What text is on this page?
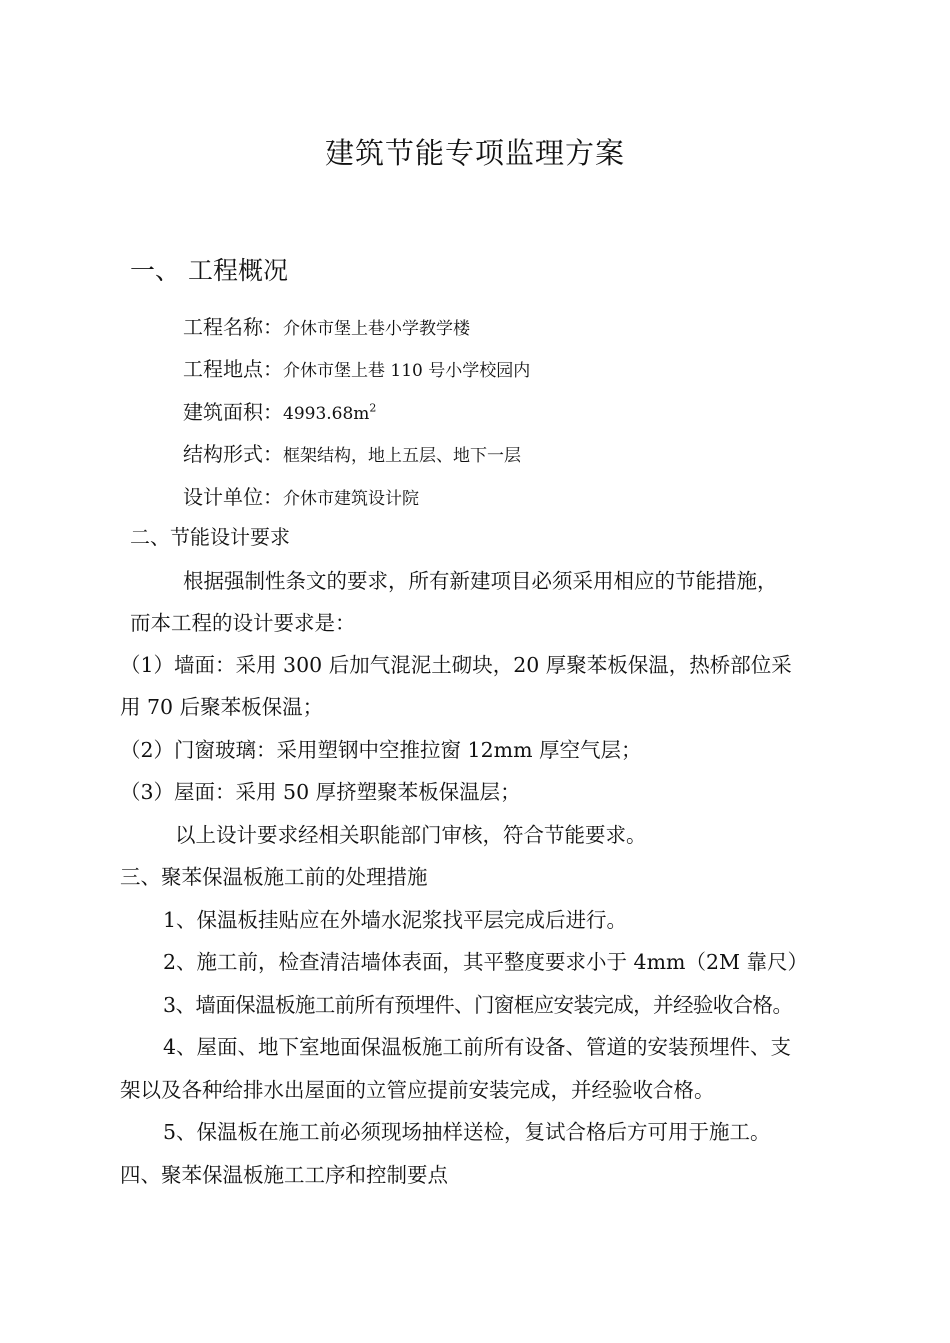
建筑节能专项监理方案
一、 工程概况
工程名称：介休市堡上巷小学教学楼
工程地点：介休市堡上巷 110 号小学校园内
建筑面积：$4993.68m^2$
结构形式：框架结构，地上五层、地下一层
设计单位：介休市建筑设计院
二、节能设计要求
根据强制性条文的要求，所有新建项目必须采用相应的节能措施，
而本工程的设计要求是：
（1）墙面：采用 300 后加气混泥土砌块，20 厚聚苯板保温，热桥部位采
用 70 后聚苯板保温；
（2）门窗玻璃：采用塑钢中空推拉窗 12mm 厚空气层；
（3）屋面：采用 50 厚挤塑聚苯板保温层；
以上设计要求经相关职能部门审核，符合节能要求。
三、聚苯保温板施工前的处理措施
1、保温板挂贴应在外墙水泥浆找平层完成后进行。
2、施工前，检查清洁墙体表面，其平整度要求小于 4mm（2M 靠尺）
3、墙面保温板施工前所有预埋件、门窗框应安装完成，并经验收合格。
4、屋面、地下室地面保温板施工前所有设备、管道的安装预埋件、支
架以及各种给排水出屋面的立管应提前安装完成，并经验收合格。
5、保温板在施工前必须现场抽样送检，复试合格后方可用于施工。
四、聚苯保温板施工工序和控制要点
